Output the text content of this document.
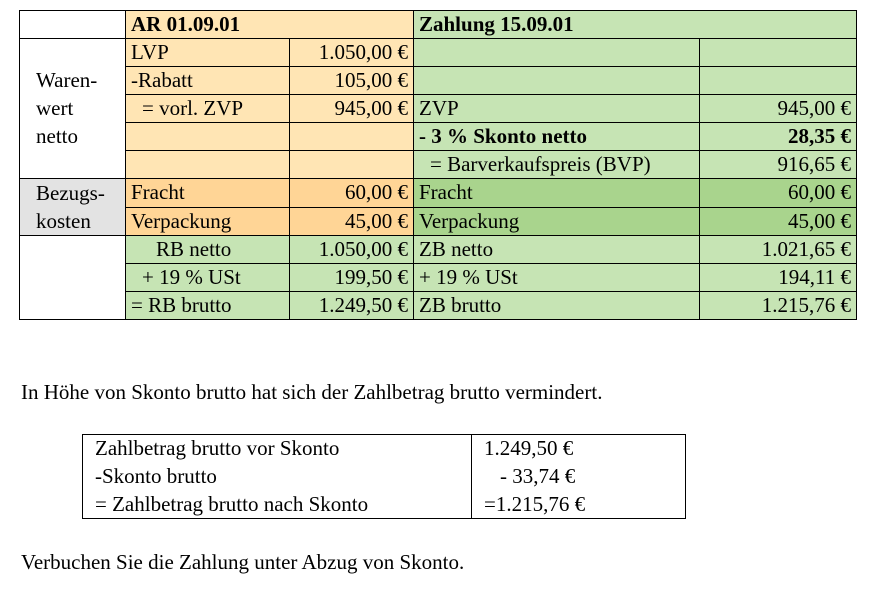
	AR 01.09.01		Zahlung 15.09.01	

Waren-
wert
netto	LVP	1.050,00 €		
	-Rabatt	105,00 €		
	= vorl. ZVP	945,00 €	ZVP	945,00 €
			- 3 % Skonto netto	28,35 €
			= Barverkaufspreis (BVP)	916,65 €

Bezugs-
kosten	Fracht	60,00 €	Fracht	60,00 €
	Verpackung	45,00 €	Verpackung	45,00 €
	RB netto	1.050,00 €	ZB netto	1.021,65 €
	+ 19 % USt	199,50 €	+ 19 % USt	194,11 €
	= RB brutto	1.249,50 €	ZB brutto	1.215,76 €

In Höhe von Skonto brutto hat sich der Zahlbetrag brutto vermindert.

Zahlbetrag brutto vor Skonto	1.249,50 €
-Skonto brutto	- 33,74 €
= Zahlbetrag brutto nach Skonto	=1.215,76 €

Verbuchen Sie die Zahlung unter Abzug von Skonto.
